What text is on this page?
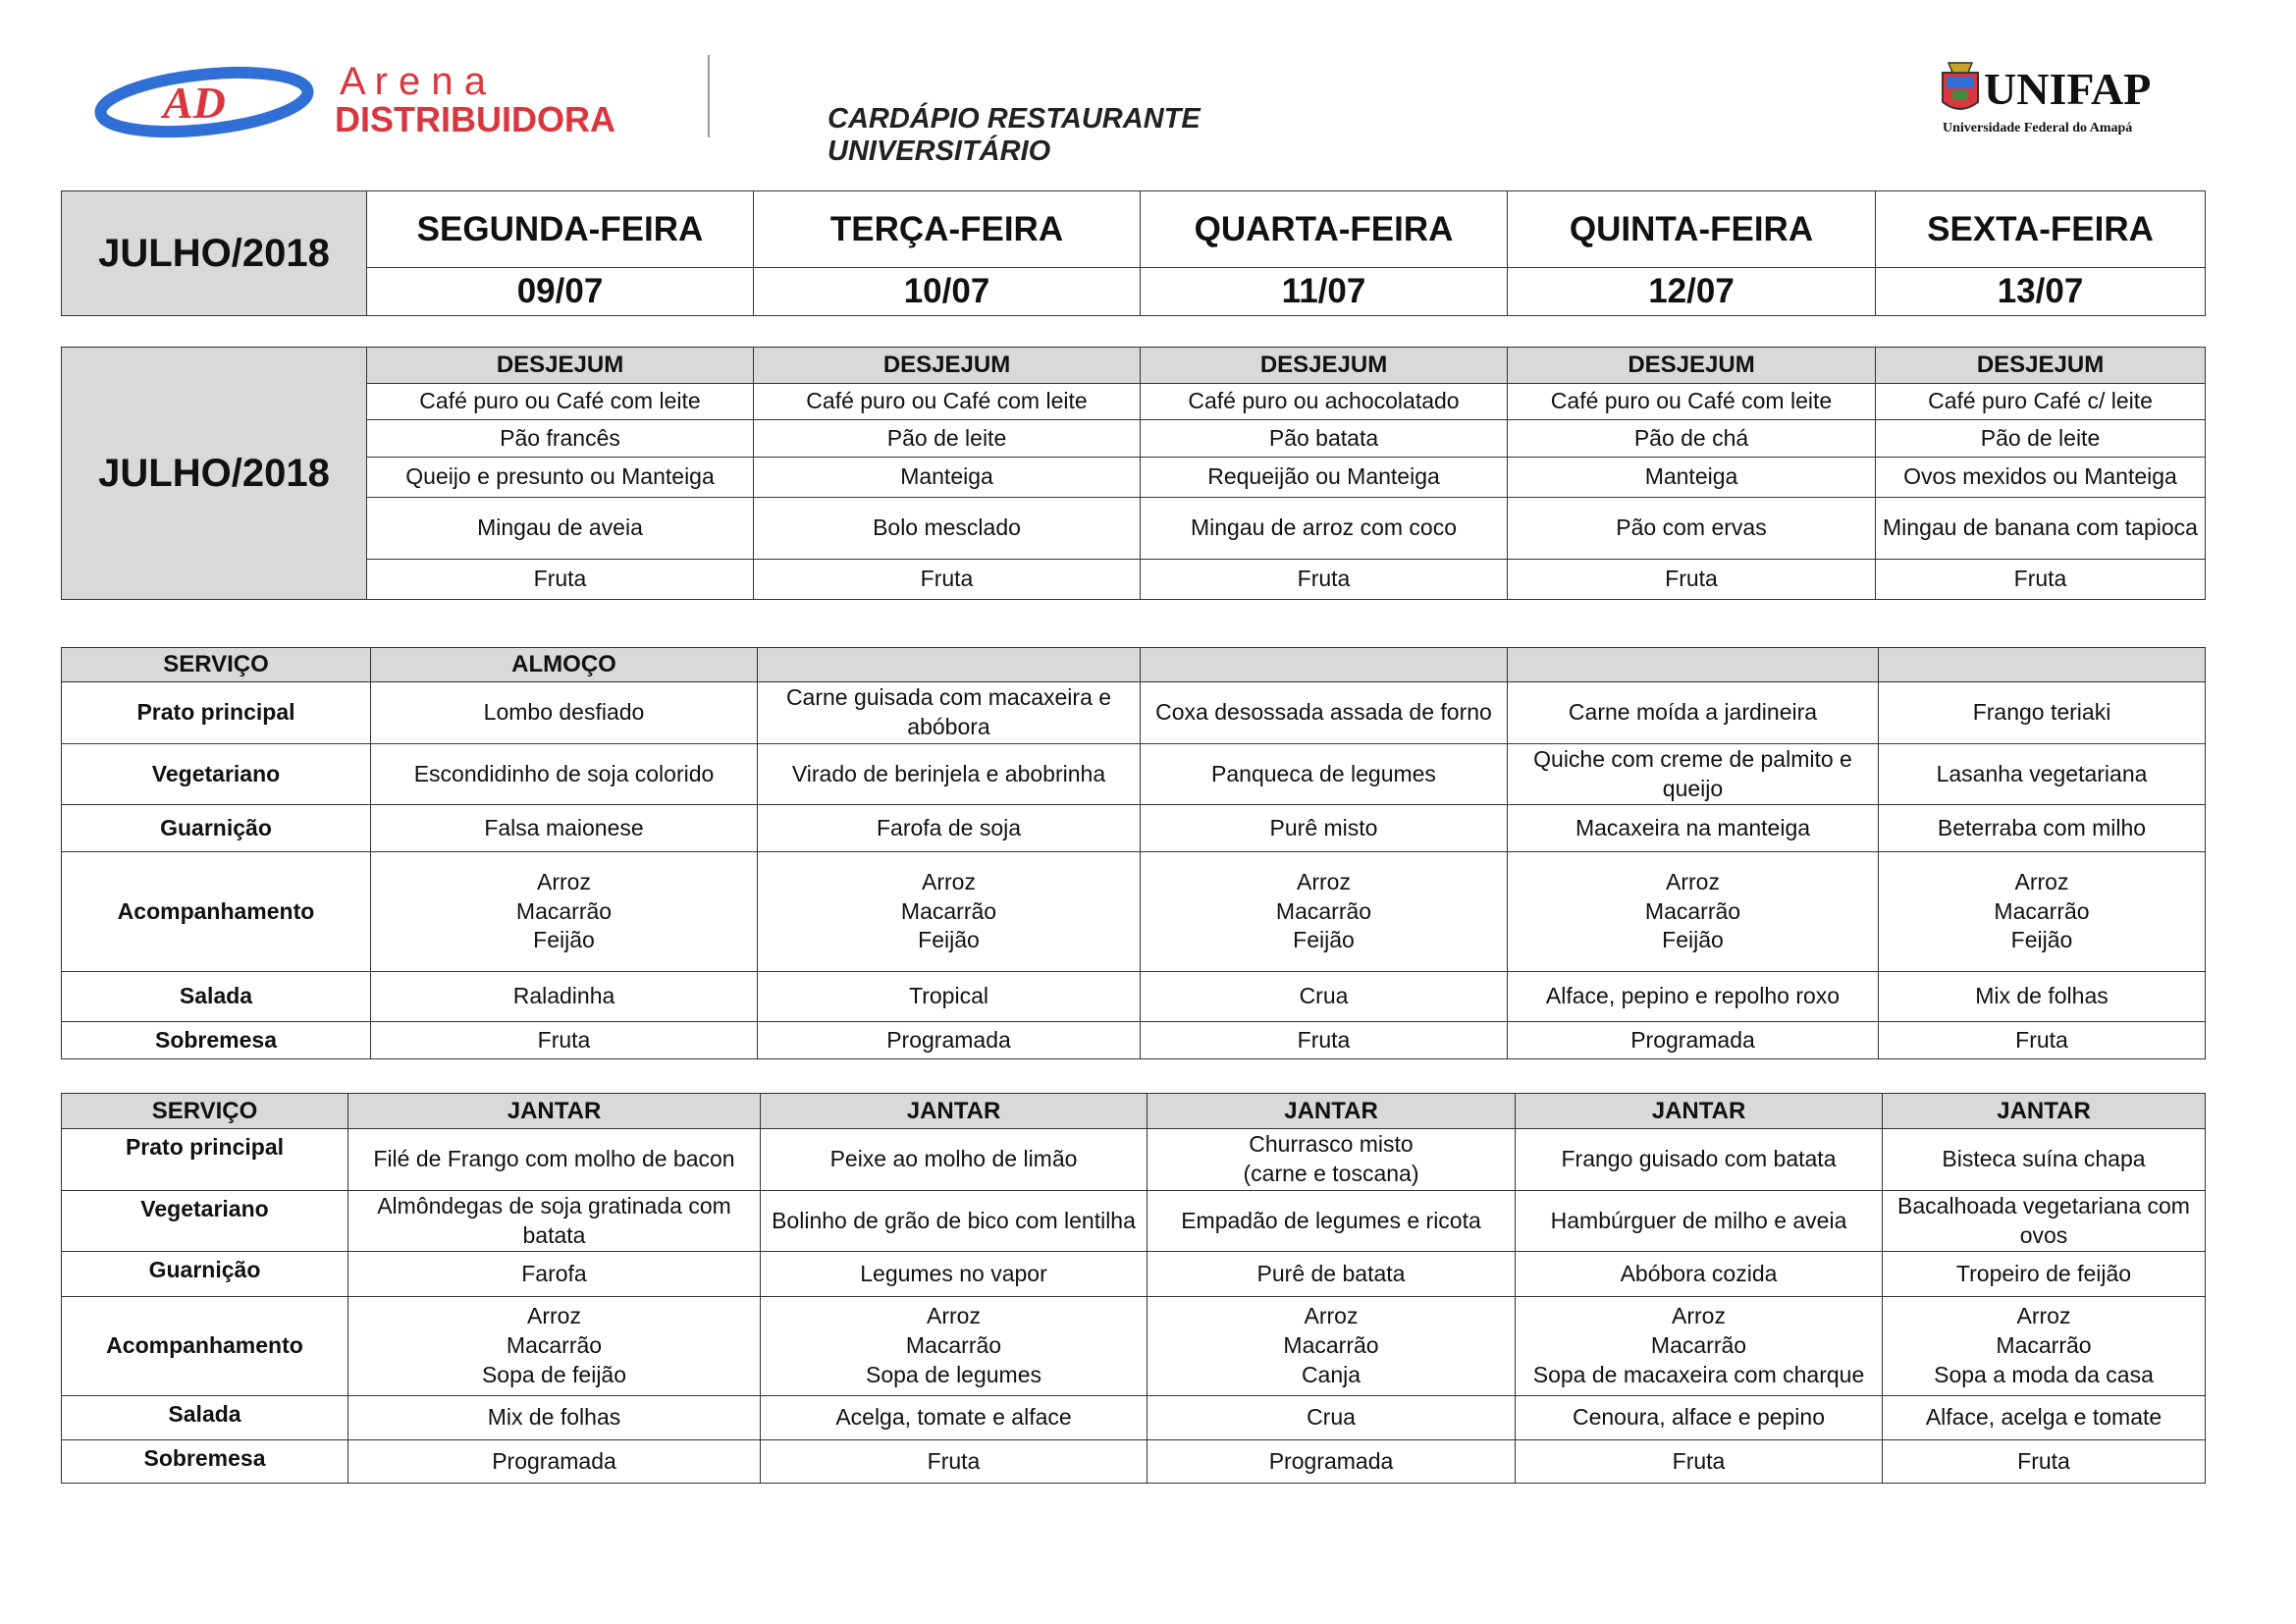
AD	A r e n a
DISTRIBUIDORA	CARDÁPIO RESTAURANTE UNIVERSITÁRIO
UNIFAP
Universidade Federal do Amapá
JULHO/2018	SEGUNDA-FEIRA	TERÇA-FEIRA	QUARTA-FEIRA	QUINTA-FEIRA	SEXTA-FEIRA
	09/07	10/07	11/07	12/07	13/07
JULHO/2018	DESJEJUM	DESJEJUM	DESJEJUM	DESJEJUM	DESJEJUM
	Café puro ou Café com leite	Café puro ou Café com leite	Café puro ou achocolatado	Café puro ou Café com leite	Café puro Café c/ leite
	Pão francês	Pão de leite	Pão batata	Pão de chá	Pão de leite
	Queijo e presunto ou Manteiga	Manteiga	Requeijão ou Manteiga	Manteiga	Ovos mexidos ou Manteiga
	Mingau de aveia	Bolo mesclado	Mingau de arroz com coco	Pão com ervas	Mingau de banana com tapioca
	Fruta	Fruta	Fruta	Fruta	Fruta
SERVIÇO	ALMOÇO				
Prato principal	Lombo desfiado	Carne guisada com macaxeira e abóbora	Coxa desossada assada de forno	Carne moída a jardineira	Frango teriaki
Vegetariano	Escondidinho de soja colorido	Virado de berinjela e abobrinha	Panqueca de legumes	Quiche com creme de palmito e queijo	Lasanha vegetariana
Guarnição	Falsa maionese	Farofa de soja	Purê misto	Macaxeira na manteiga	Beterraba com milho
Acompanhamento	Arroz
Macarrão
Feijão	Arroz
Macarrão
Feijão	Arroz
Macarrão
Feijão	Arroz
Macarrão
Feijão	Arroz
Macarrão
Feijão
Salada	Raladinha	Tropical	Crua	Alface, pepino e repolho roxo	Mix de folhas
Sobremesa	Fruta	Programada	Fruta	Programada	Fruta
SERVIÇO	JANTAR	JANTAR	JANTAR	JANTAR	JANTAR
Prato principal	Filé de Frango com molho de bacon	Peixe ao molho de limão	Churrasco misto
(carne e toscana)	Frango guisado com batata	Bisteca suína chapa
Vegetariano	Almôndegas de soja gratinada com batata	Bolinho de grão de bico com lentilha	Empadão de legumes e ricota	Hambúrguer de milho e aveia	Bacalhoada vegetariana com ovos
Guarnição	Farofa	Legumes no vapor	Purê de batata	Abóbora cozida	Tropeiro de feijão
Acompanhamento	Arroz
Macarrão
Sopa de feijão	Arroz
Macarrão
Sopa de legumes	Arroz
Macarrão
Canja	Arroz
Macarrão
Sopa de macaxeira com charque	Arroz
Macarrão
Sopa a moda da casa
Salada	Mix de folhas	Acelga, tomate e alface	Crua	Cenoura, alface e pepino	Alface, acelga e tomate
Sobremesa	Programada	Fruta	Programada	Fruta	Fruta
